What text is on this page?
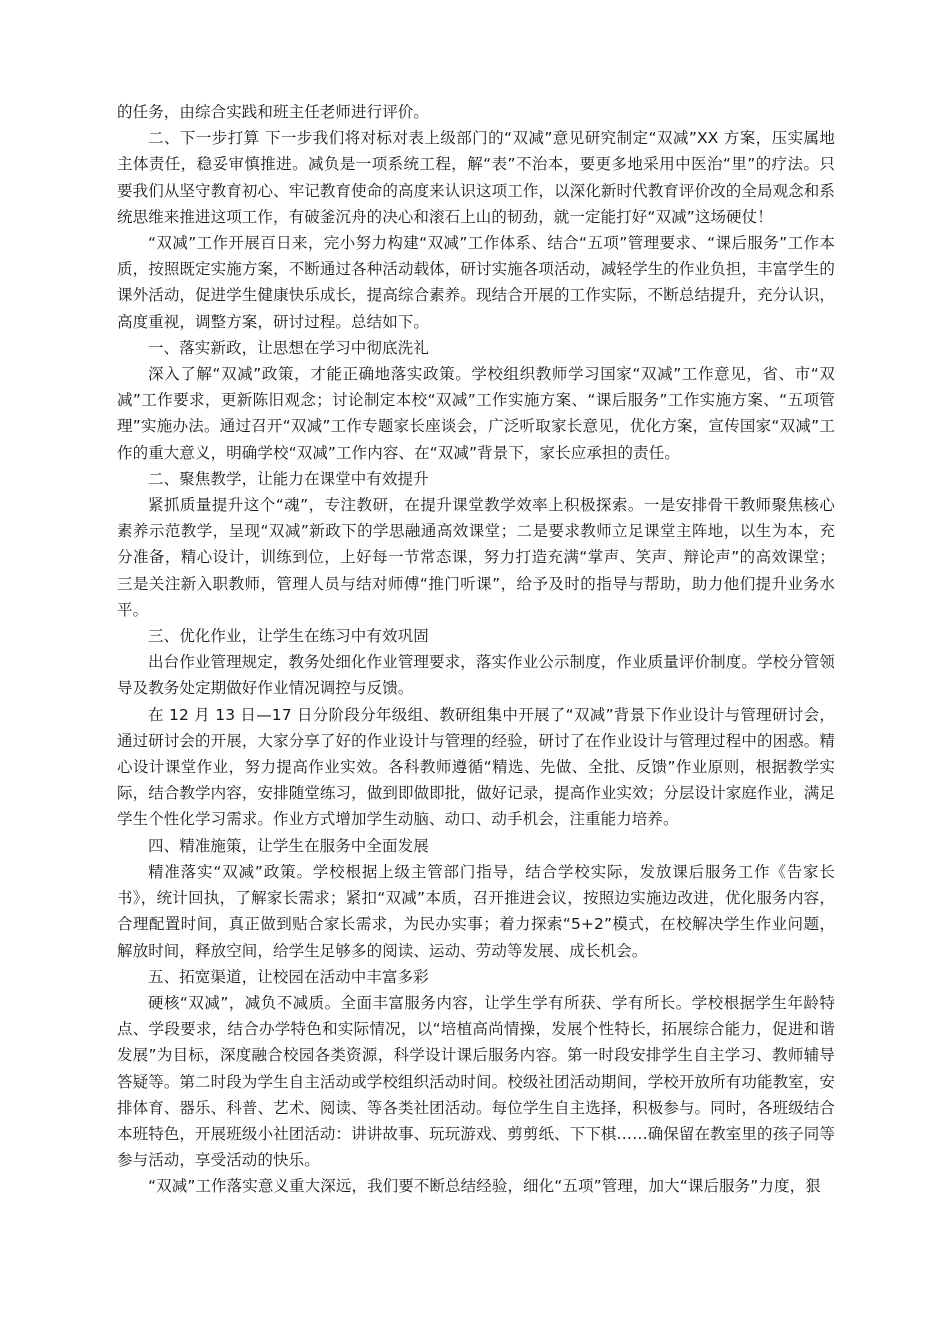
的任务，由综合实践和班主任老师进行评价。

二、下一步打算 下一步我们将对标对表上级部门的“双减”意见研究制定“双减”XX 方案，压实属地主体责任，稳妥审慎推进。减负是一项系统工程，解“表”不治本，要更多地采用中医治“里”的疗法。只要我们从坚守教育初心、牢记教育使命的高度来认识这项工作，以深化新时代教育评价改的全局观念和系统思维来推进这项工作，有破釜沉舟的决心和滚石上山的韧劲，就一定能打好“双减”这场硬仗！

“双减”工作开展百日来，完小努力构建“双减”工作体系、结合“五项”管理要求、“课后服务”工作本质，按照既定实施方案，不断通过各种活动载体，研讨实施各项活动，减轻学生的作业负担，丰富学生的课外活动，促进学生健康快乐成长，提高综合素养。现结合开展的工作实际，不断总结提升，充分认识，高度重视，调整方案，研讨过程。总结如下。

一、落实新政，让思想在学习中彻底洗礼

深入了解“双减”政策，才能正确地落实政策。学校组织教师学习国家“双减”工作意见，省、市“双减”工作要求，更新陈旧观念；讨论制定本校“双减”工作实施方案、“课后服务”工作实施方案、“五项管理”实施办法。通过召开“双减”工作专题家长座谈会，广泛听取家长意见，优化方案，宣传国家“双减”工作的重大意义，明确学校“双减”工作内容、在“双减”背景下，家长应承担的责任。

二、聚焦教学，让能力在课堂中有效提升

紧抓质量提升这个“魂”，专注教研，在提升课堂教学效率上积极探索。一是安排骨干教师聚焦核心素养示范教学，呈现“双减”新政下的学思融通高效课堂；二是要求教师立足课堂主阵地，以生为本，充分准备，精心设计，训练到位，上好每一节常态课，努力打造充满“掌声、笑声、辩论声”的高效课堂；三是关注新入职教师，管理人员与结对师傅“推门听课”，给予及时的指导与帮助，助力他们提升业务水平。

三、优化作业，让学生在练习中有效巩固

出台作业管理规定，教务处细化作业管理要求，落实作业公示制度，作业质量评价制度。学校分管领导及教务处定期做好作业情况调控与反馈。

在 12 月 13 日—17 日分阶段分年级组、教研组集中开展了“双减”背景下作业设计与管理研讨会，通过研讨会的开展，大家分享了好的作业设计与管理的经验，研讨了在作业设计与管理过程中的困惑。精心设计课堂作业，努力提高作业实效。各科教师遵循“精选、先做、全批、反馈”作业原则，根据教学实际，结合教学内容，安排随堂练习，做到即做即批，做好记录，提高作业实效；分层设计家庭作业，满足学生个性化学习需求。作业方式增加学生动脑、动口、动手机会，注重能力培养。

四、精准施策，让学生在服务中全面发展

精准落实“双减”政策。学校根据上级主管部门指导，结合学校实际，发放课后服务工作《告家长书》，统计回执，了解家长需求；紧扣“双减”本质，召开推进会议，按照边实施边改进，优化服务内容，合理配置时间，真正做到贴合家长需求，为民办实事；着力探索“5+2”模式，在校解决学生作业问题，解放时间，释放空间，给学生足够多的阅读、运动、劳动等发展、成长机会。

五、拓宽渠道，让校园在活动中丰富多彩

硬核“双减”，减负不减质。全面丰富服务内容，让学生学有所获、学有所长。学校根据学生年龄特点、学段要求，结合办学特色和实际情况，以“培植高尚情操，发展个性特长，拓展综合能力，促进和谐发展”为目标，深度融合校园各类资源，科学设计课后服务内容。第一时段安排学生自主学习、教师辅导答疑等。第二时段为学生自主活动或学校组织活动时间。校级社团活动期间，学校开放所有功能教室，安排体育、器乐、科普、艺术、阅读、等各类社团活动。每位学生自主选择，积极参与。同时，各班级结合本班特色，开展班级小社团活动：讲讲故事、玩玩游戏、剪剪纸、下下棋……确保留在教室里的孩子同等参与活动，享受活动的快乐。

“双减”工作落实意义重大深远，我们要不断总结经验，细化“五项”管理，加大“课后服务”力度，狠
